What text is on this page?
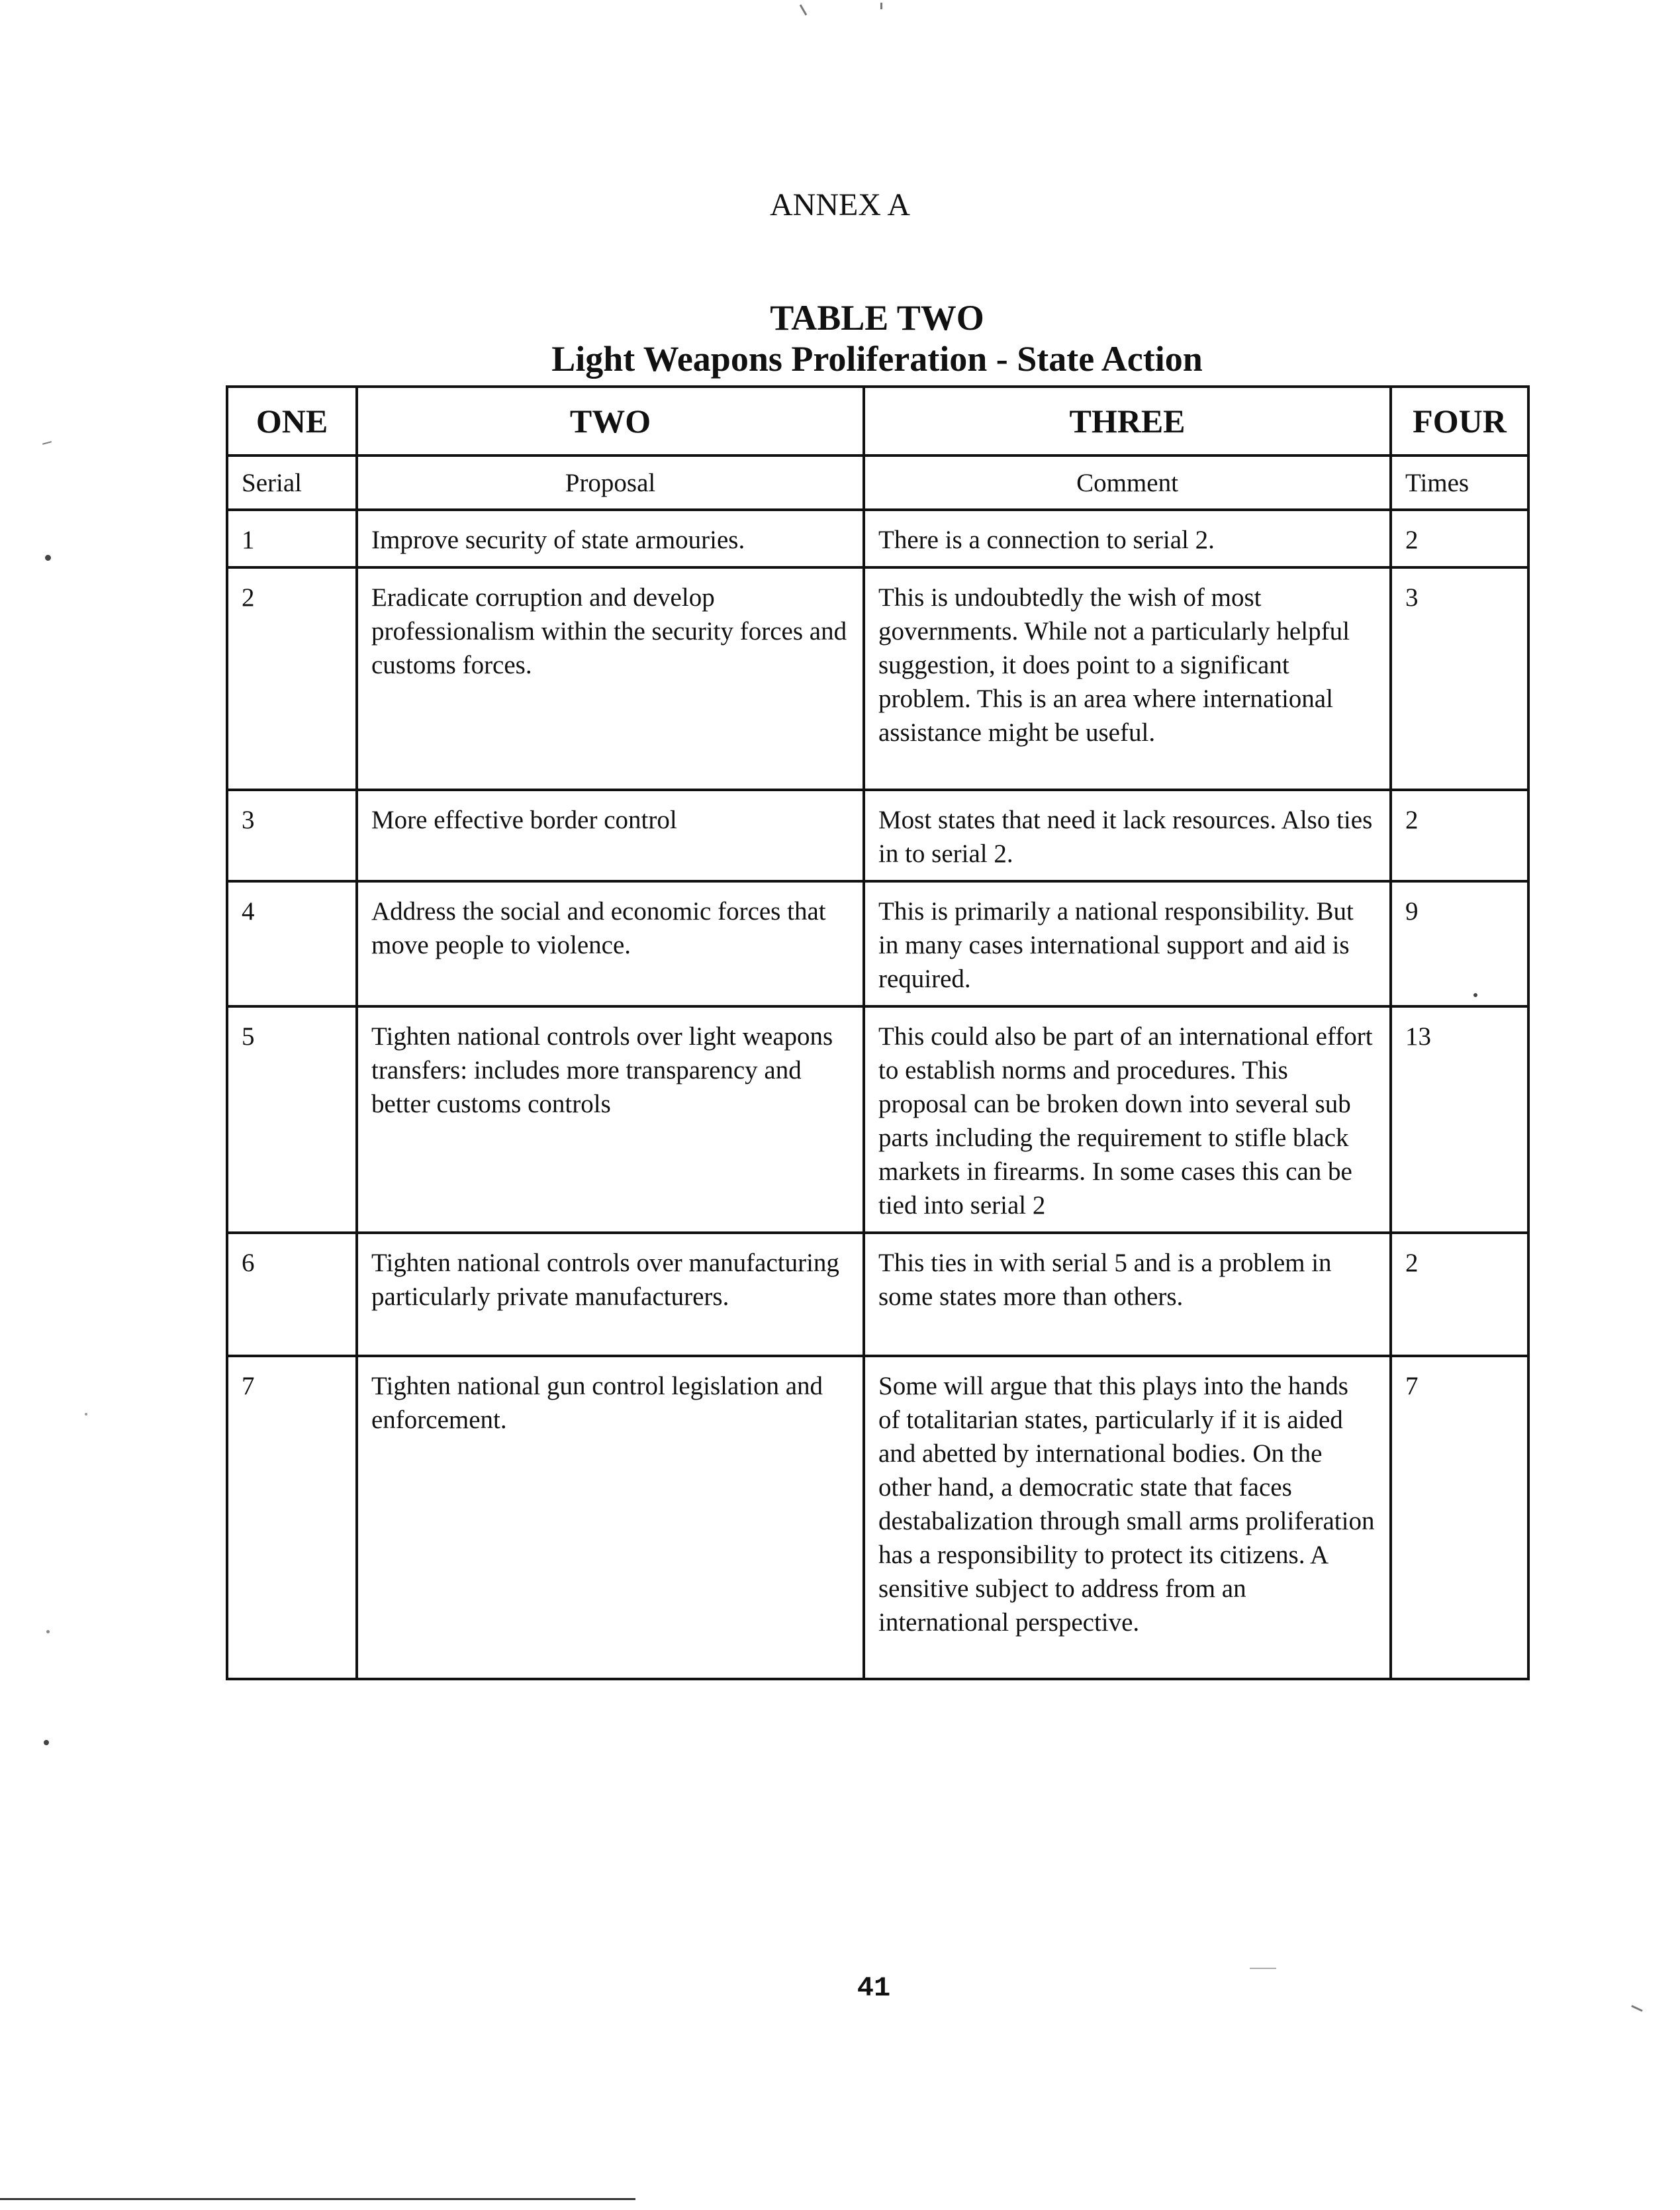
ANNEX A
TABLE TWO
Light Weapons Proliferation - State Action
ONE	TWO	THREE	FOUR
Serial	Proposal	Comment	Times
1	Improve security of state armouries.	There is a connection to serial 2.	2
2	Eradicate corruption and develop professionalism within the security forces and customs forces.	This is undoubtedly the wish of most governments. While not a particularly helpful suggestion, it does point to a significant problem. This is an area where international assistance might be useful.	3
3	More effective border control	Most states that need it lack resources. Also ties in to serial 2.	2
4	Address the social and economic forces that move people to violence.	This is primarily a national responsibility. But in many cases international support and aid is required.	9
5	Tighten national controls over light weapons transfers: includes more transparency and better customs controls	This could also be part of an international effort to establish norms and procedures. This proposal can be broken down into several sub parts including the requirement to stifle black markets in firearms. In some cases this can be tied into serial 2	13
6	Tighten national controls over manufacturing particularly private manufacturers.	This ties in with serial 5 and is a problem in some states more than others.	2
7	Tighten national gun control legislation and enforcement.	Some will argue that this plays into the hands of totalitarian states, particularly if it is aided and abetted by international bodies. On the other hand, a democratic state that faces destabalization through small arms proliferation has a responsibility to protect its citizens. A sensitive subject to address from an international perspective.	7
41
